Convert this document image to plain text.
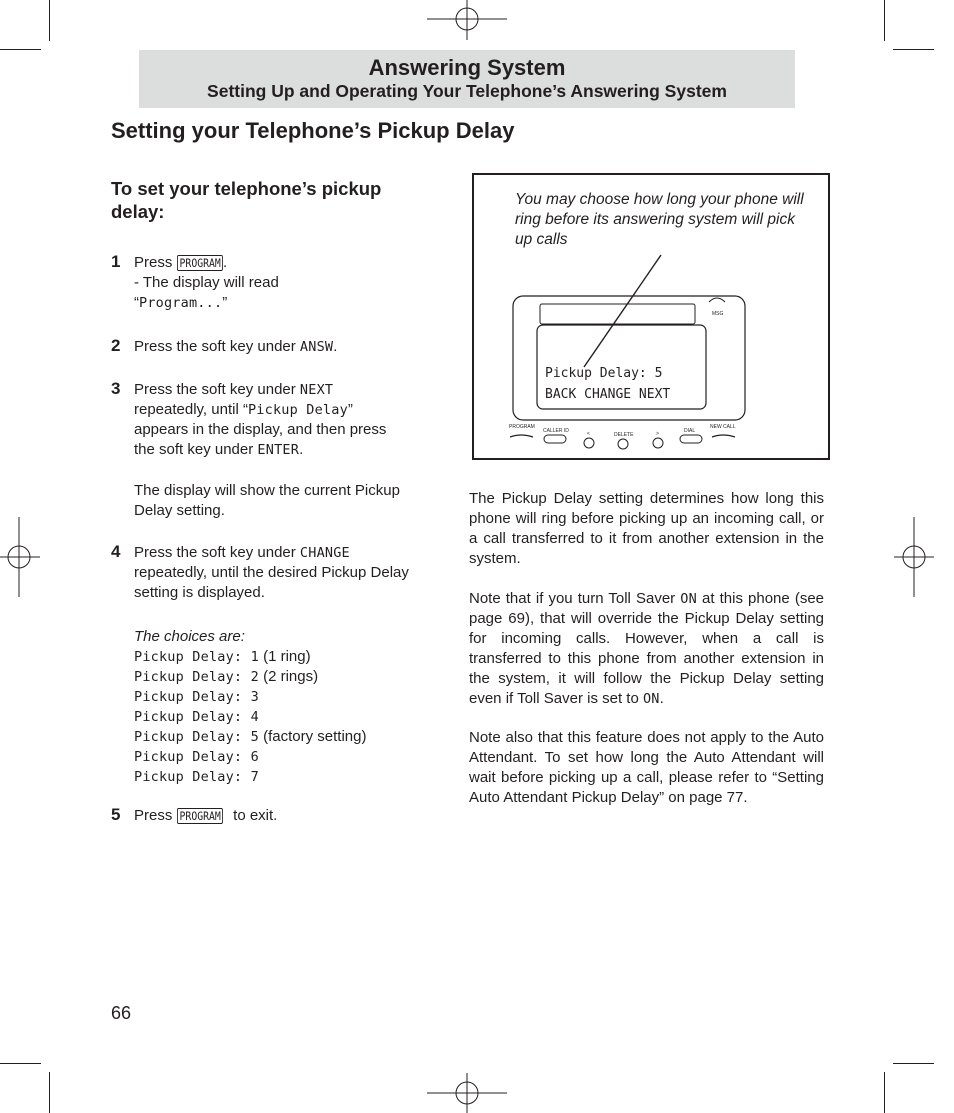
Answering System
Setting Up and Operating Your Telephone’s Answering System
Setting your Telephone’s Pickup Delay
To set your telephone’s pickup delay:
1 Press PROGRAM .
- The display will read
“Program...”
2 Press the soft key under ANSW.
3 Press the soft key under NEXT
repeatedly, until “Pickup Delay”
appears in the display, and then press the soft key under ENTER.
The display will show the current Pickup Delay setting.
4 Press the soft key under CHANGE
repeatedly, until the desired Pickup Delay setting is displayed.
The choices are:
Pickup Delay: 1 (1 ring)
Pickup Delay: 2 (2 rings)
Pickup Delay: 3
Pickup Delay: 4
Pickup Delay: 5 (factory setting)
Pickup Delay: 6
Pickup Delay: 7
5 Press PROGRAM to exit.
You may choose how long your phone will ring before its answering system will pick up calls
MSG
Pickup Delay: 5
BACK CHANGE NEXT
PROGRAM
CALLER ID	<	DELETE	>	DIAL
NEW CALL
The Pickup Delay setting determines how long this phone will ring before picking up an incoming call, or a call transferred to it from another extension in the system.
Note that if you turn Toll Saver ON at this phone (see page 69), that will override the Pickup Delay setting for incoming calls. However, when a call is transferred to this phone from another extension in the system, it will follow the Pickup Delay setting even if Toll Saver is set to ON.
Note also that this feature does not apply to the Auto Attendant. To set how long the Auto Attendant will wait before picking up a call, please refer to “Setting Auto Attendant Pickup Delay” on page 77.
66
